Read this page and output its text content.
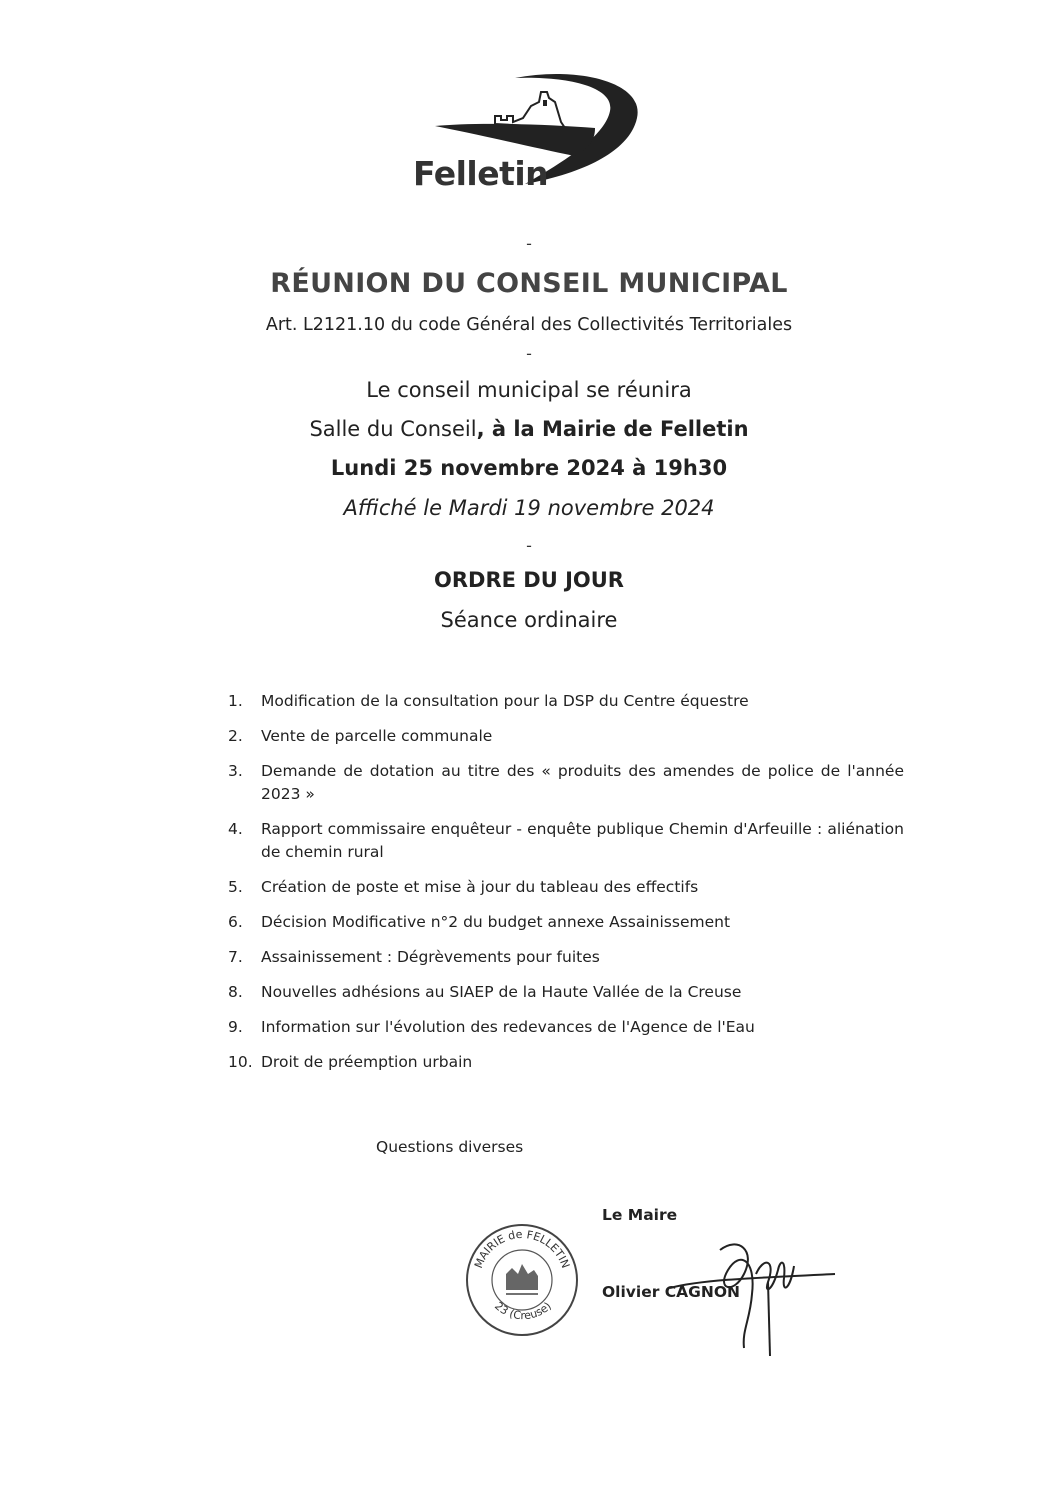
Felletin
-
RÉUNION DU CONSEIL MUNICIPAL
Art. L2121.10 du code Général des Collectivités Territoriales
-
Le conseil municipal se réunira
Salle du Conseil, à la Mairie de Felletin
Lundi 25 novembre 2024 à 19h30
Affiché le Mardi 19 novembre 2024
-
ORDRE DU JOUR
Séance ordinaire
1. Modification de la consultation pour la DSP du Centre équestre
2. Vente de parcelle communale
3. Demande de dotation au titre des « produits des amendes de police de l'année 2023 »
4. Rapport commissaire enquêteur - enquête publique Chemin d'Arfeuille : aliénation de chemin rural
5. Création de poste et mise à jour du tableau des effectifs
6. Décision Modificative n°2 du budget annexe Assainissement
7. Assainissement : Dégrèvements pour fuites
8. Nouvelles adhésions au SIAEP de la Haute Vallée de la Creuse
9. Information sur l'évolution des redevances de l'Agence de l'Eau
10. Droit de préemption urbain
Questions diverses
Le Maire
MAIRIE de FELLETIN
23 (Creuse)
Olivier CAGNON
